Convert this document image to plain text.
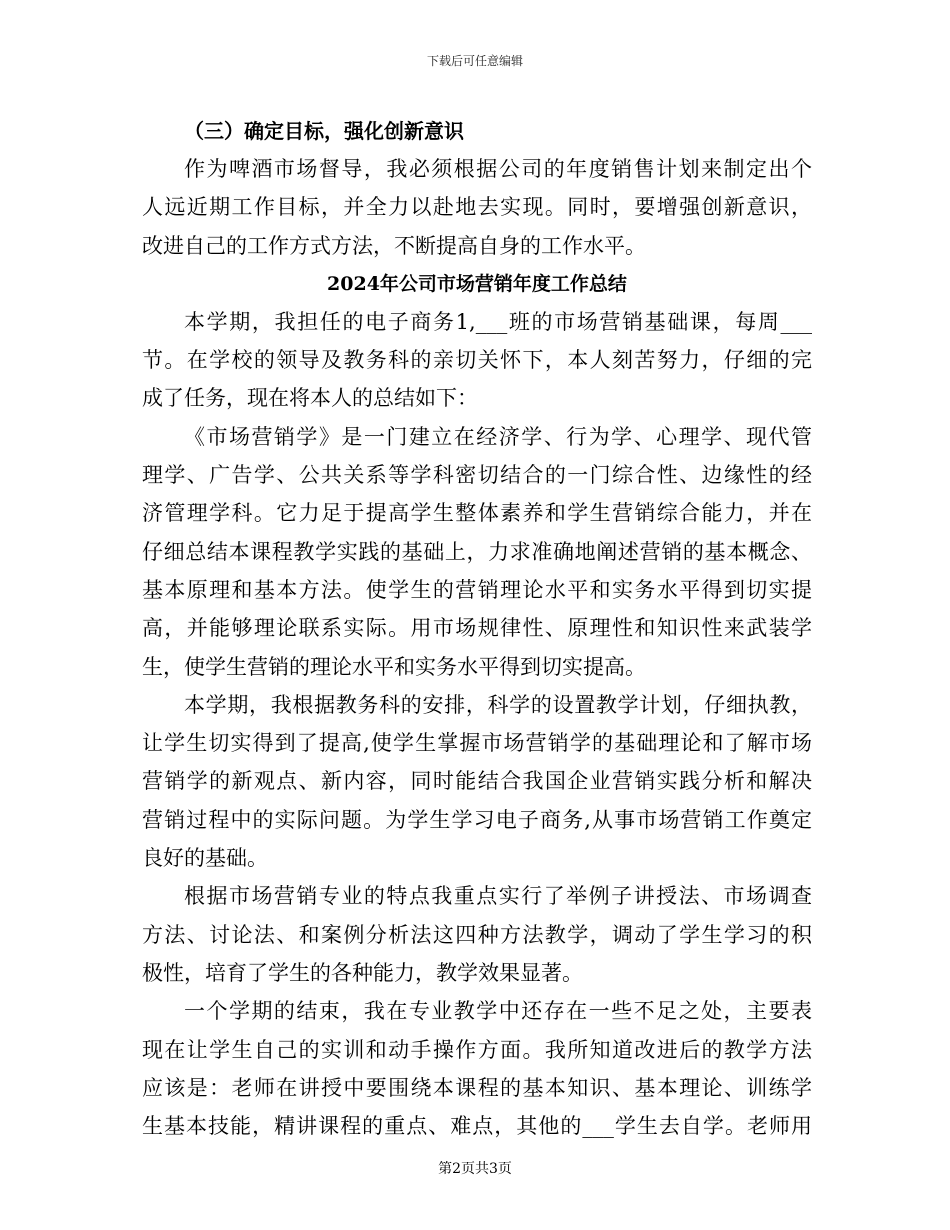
下载后可任意编辑
（三）确定目标，强化创新意识
作为啤酒市场督导，我必须根据公司的年度销售计划来制定出个
人远近期工作目标，并全力以赴地去实现。同时，要增强创新意识，
改进自己的工作方式方法，不断提高自身的工作水平。
2024年公司市场营销年度工作总结
本学期，我担任的电子商务1,___班的市场营销基础课，每周___
节。在学校的领导及教务科的亲切关怀下，本人刻苦努力，仔细的完
成了任务，现在将本人的总结如下：
《市场营销学》是一门建立在经济学、行为学、心理学、现代管
理学、广告学、公共关系等学科密切结合的一门综合性、边缘性的经
济管理学科。它力足于提高学生整体素养和学生营销综合能力，并在
仔细总结本课程教学实践的基础上，力求准确地阐述营销的基本概念、
基本原理和基本方法。使学生的营销理论水平和实务水平得到切实提
高，并能够理论联系实际。用市场规律性、原理性和知识性来武装学
生，使学生营销的理论水平和实务水平得到切实提高。
本学期，我根据教务科的安排，科学的设置教学计划，仔细执教，
让学生切实得到了提高,使学生掌握市场营销学的基础理论和了解市场
营销学的新观点、新内容，同时能结合我国企业营销实践分析和解决
营销过程中的实际问题。为学生学习电子商务,从事市场营销工作奠定
良好的基础。
根据市场营销专业的特点我重点实行了举例子讲授法、市场调查
方法、讨论法、和案例分析法这四种方法教学，调动了学生学习的积
极性，培育了学生的各种能力，教学效果显著。
一个学期的结束，我在专业教学中还存在一些不足之处，主要表
现在让学生自己的实训和动手操作方面。我所知道改进后的教学方法
应该是：老师在讲授中要围绕本课程的基本知识、基本理论、训练学
生基本技能，精讲课程的重点、难点，其他的___学生去自学。老师用
第2页共3页
